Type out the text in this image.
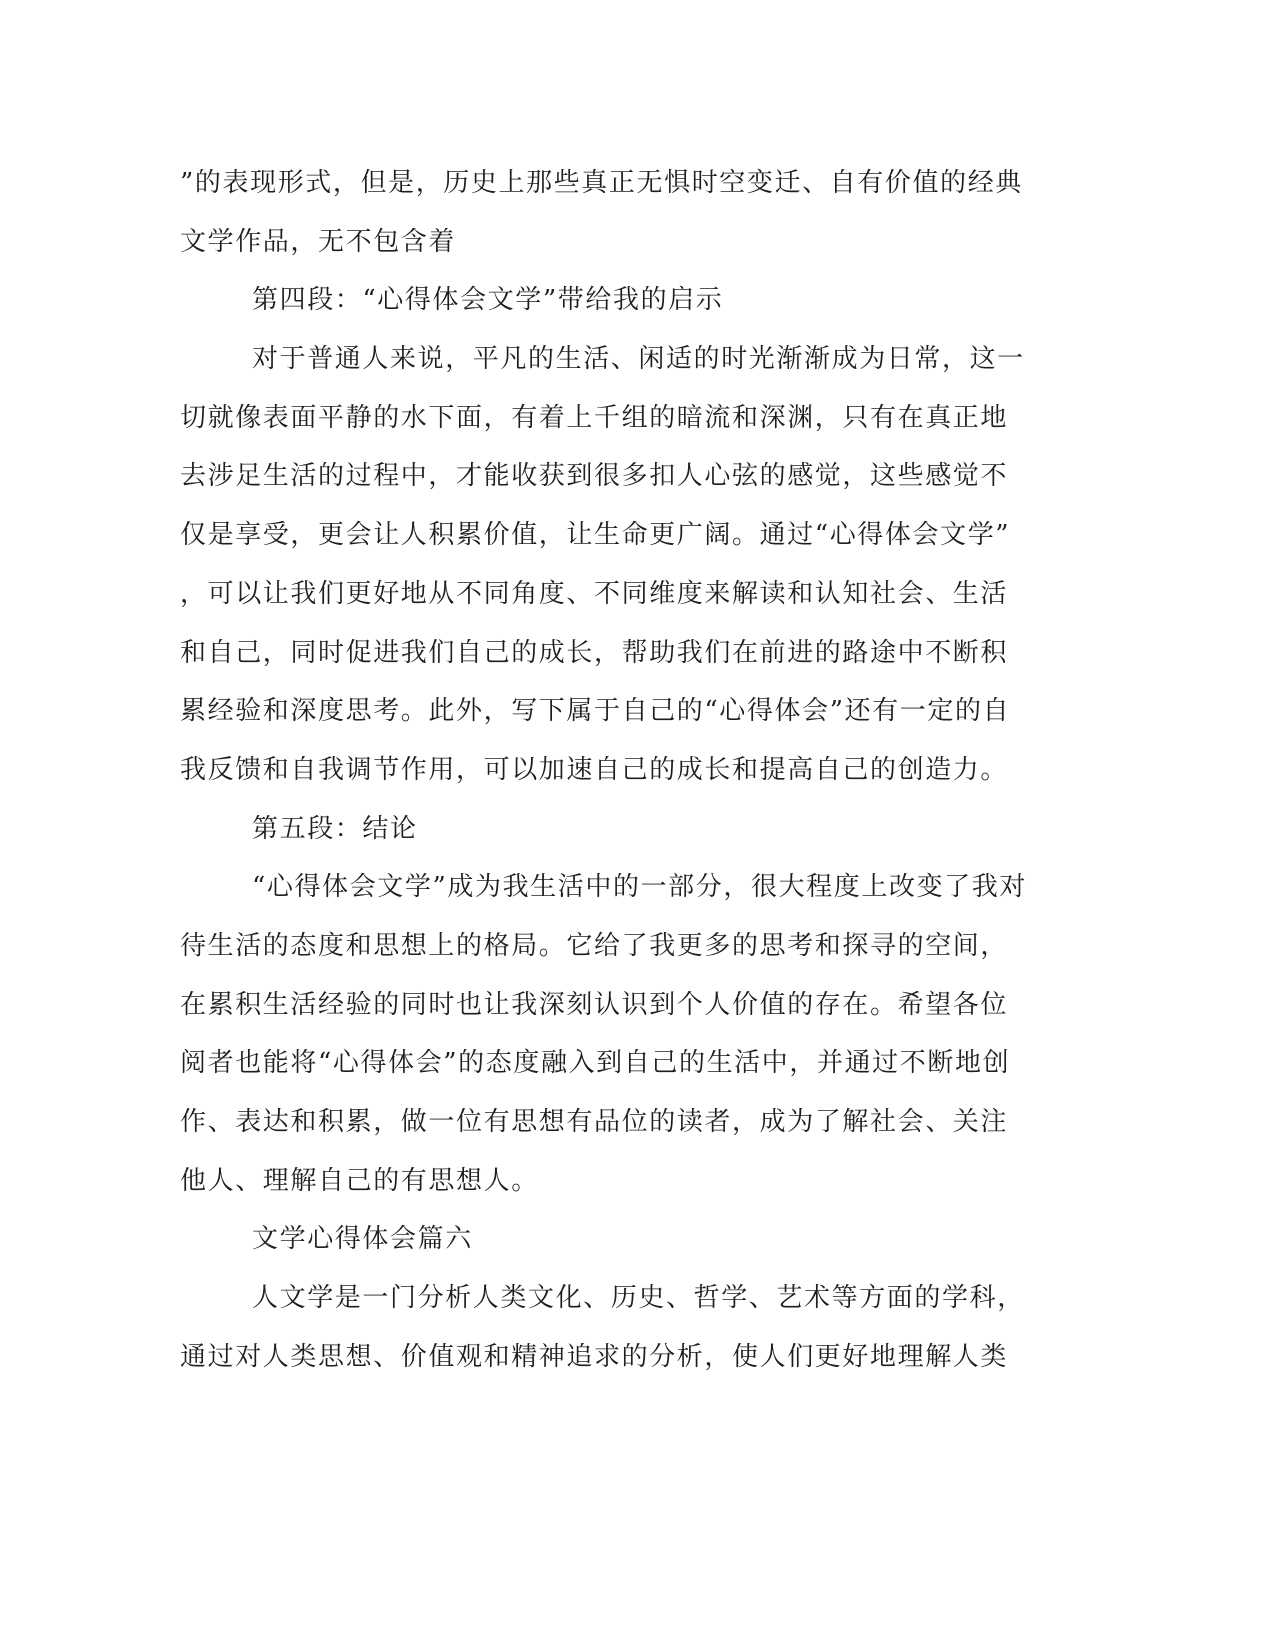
”的表现形式，但是，历史上那些真正无惧时空变迁、自有价值的经典
文学作品，无不包含着
第四段：“心得体会文学”带给我的启示
对于普通人来说，平凡的生活、闲适的时光渐渐成为日常，这一
切就像表面平静的水下面，有着上千组的暗流和深渊，只有在真正地
去涉足生活的过程中，才能收获到很多扣人心弦的感觉，这些感觉不
仅是享受，更会让人积累价值，让生命更广阔。通过“心得体会文学”
，可以让我们更好地从不同角度、不同维度来解读和认知社会、生活
和自己，同时促进我们自己的成长，帮助我们在前进的路途中不断积
累经验和深度思考。此外，写下属于自己的“心得体会”还有一定的自
我反馈和自我调节作用，可以加速自己的成长和提高自己的创造力。
第五段：结论
“心得体会文学”成为我生活中的一部分，很大程度上改变了我对
待生活的态度和思想上的格局。它给了我更多的思考和探寻的空间，
在累积生活经验的同时也让我深刻认识到个人价值的存在。希望各位
阅者也能将“心得体会”的态度融入到自己的生活中，并通过不断地创
作、表达和积累，做一位有思想有品位的读者，成为了解社会、关注
他人、理解自己的有思想人。
文学心得体会篇六
人文学是一门分析人类文化、历史、哲学、艺术等方面的学科，
通过对人类思想、价值观和精神追求的分析，使人们更好地理解人类
